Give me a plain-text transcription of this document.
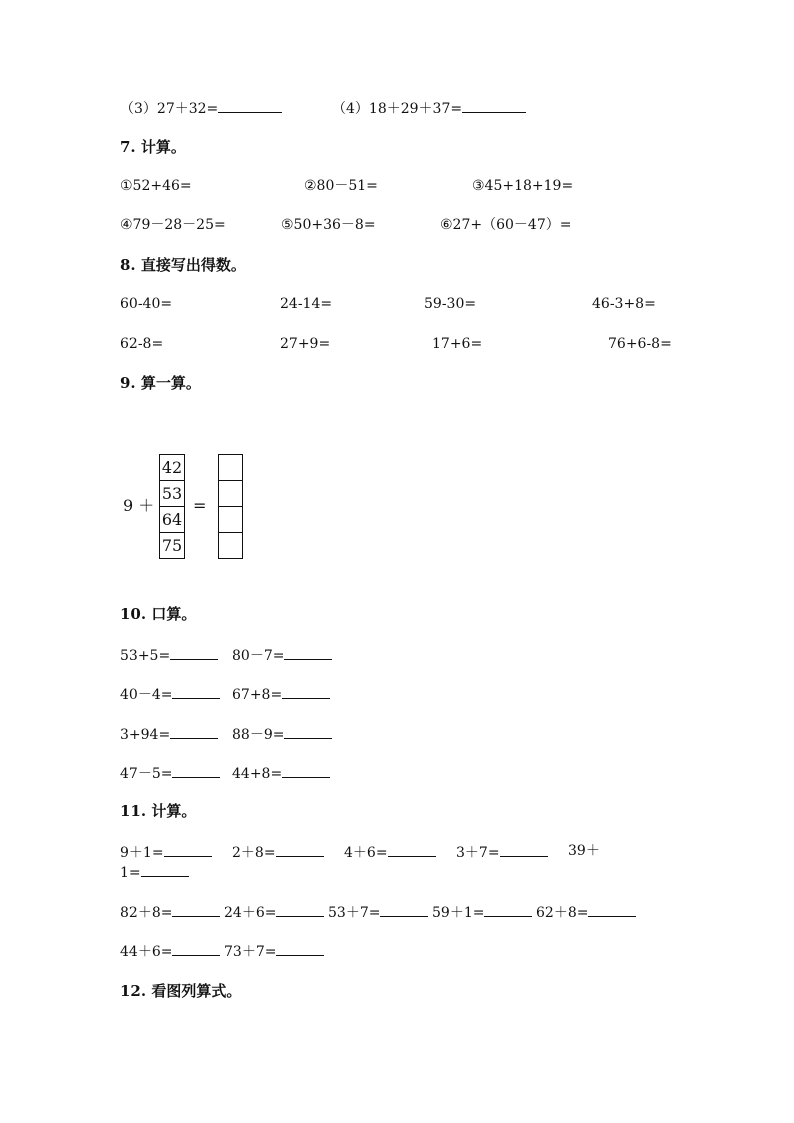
（3）27＋32=	（4）18＋29＋37=
7. 计算。
①52+46=	②80－51=	③45+18+19=
④79－28－25=	⑤50+36－8=	⑥27+（60－47）=
8. 直接写出得数。
60-40=	24-14=	59-30=	46-3+8=
62-8=	27+9=	17+6=	76+6-8=
9. 算一算。
9 ＋
42
53
64
75
=
10. 口算。
53+5=	80－7=
40－4=	67+8=
3+94=	88－9=
47－5=	44+8=
11. 计算。
9＋1=	2＋8=	4＋6=	3＋7=	39＋
1=
82＋8=	24＋6=	53＋7=	59＋1=	62＋8=
44＋6=	73＋7=
12. 看图列算式。
